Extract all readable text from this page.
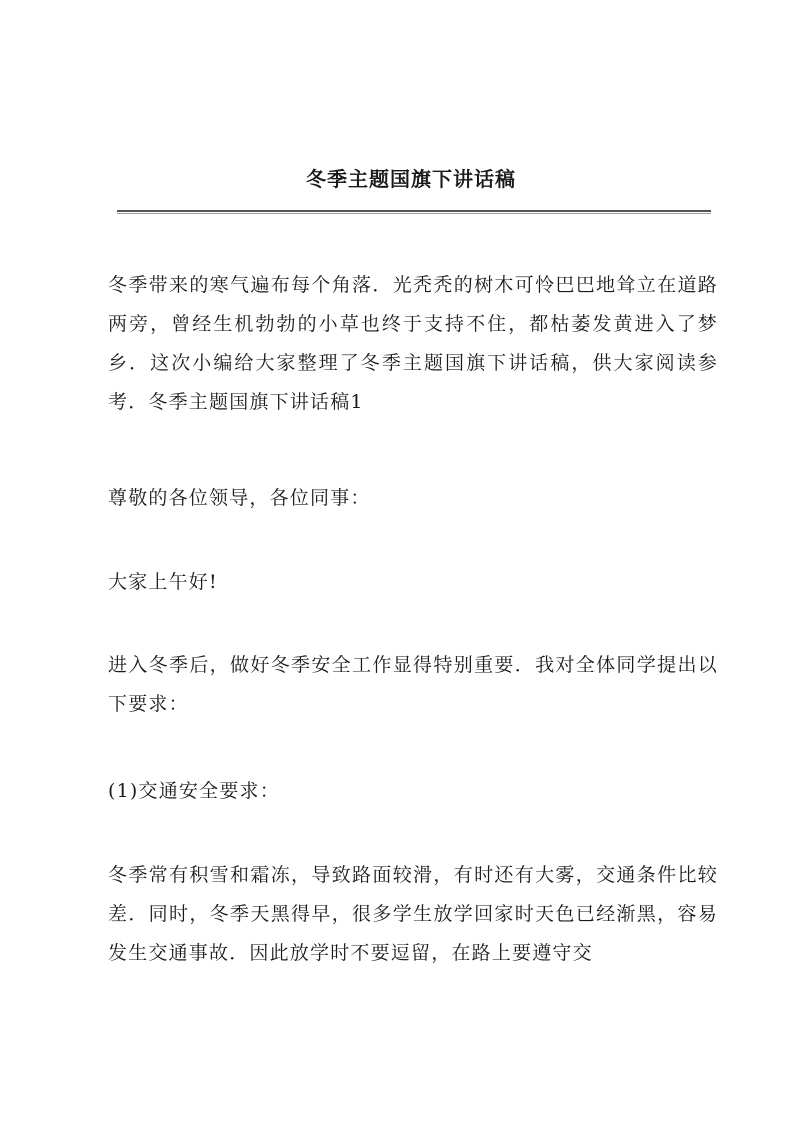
冬季主题国旗下讲话稿

冬季带来的寒气遍布每个角落．光秃秃的树木可怜巴巴地耸立在道路两旁，曾经生机勃勃的小草也终于支持不住，都枯萎发黄进入了梦乡．这次小编给大家整理了冬季主题国旗下讲话稿，供大家阅读参考．冬季主题国旗下讲话稿1

尊敬的各位领导，各位同事：

大家上午好!

进入冬季后，做好冬季安全工作显得特别重要．我对全体同学提出以下要求：

(1)交通安全要求：

冬季常有积雪和霜冻，导致路面较滑，有时还有大雾，交通条件比较差．同时，冬季天黑得早，很多学生放学回家时天色已经渐黑，容易发生交通事故．因此放学时不要逗留，在路上要遵守交
